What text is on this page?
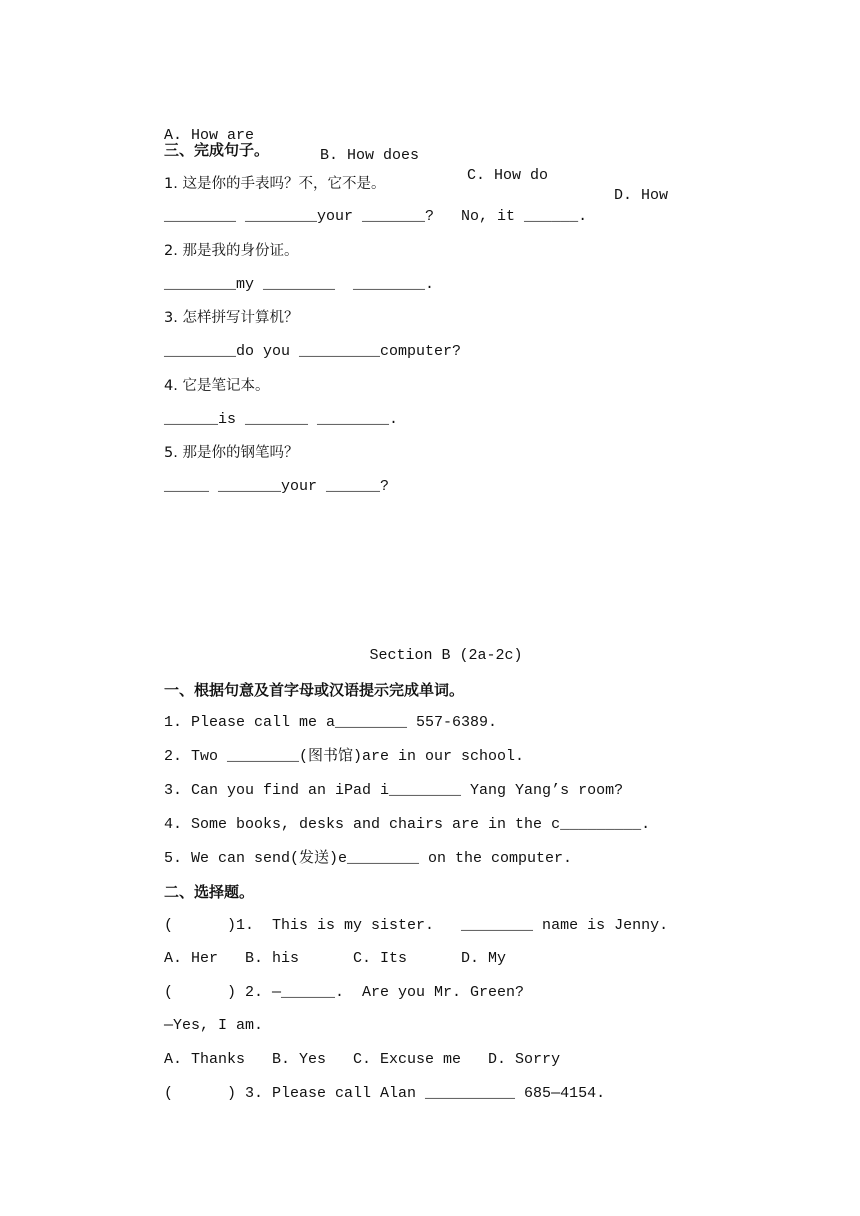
A. How are

B. How does

C. How do

D. How

三、完成句子。
1. 这是你的手表吗？不，它不是。
________ ________your _______?   No, it ______.
2. 那是我的身份证。
________my ________  ________.
3. 怎样拼写计算机？
________do you _________computer?
4. 它是笔记本。
______is _______ ________.
5. 那是你的钢笔吗？
_____ _______your ______?
Section B (2a-2c)
一、根据句意及首字母或汉语提示完成单词。
1. Please call me a________ 557-6389.
2. Two ________(图书馆)are in our school.
3. Can you find an iPad i________ Yang Yang’s room?
4. Some books, desks and chairs are in the c_________.
5. We can send(发送)e________ on the computer.
二、选择题。
(      )1.  This is my sister.   ________ name is Jenny.
A. Her   B. his      C. Its      D. My
(      ) 2. —______.  Are you Mr. Green?
—Yes, I am.
A. Thanks   B. Yes   C. Excuse me   D. Sorry
(      ) 3. Please call Alan __________ 685—4154.
